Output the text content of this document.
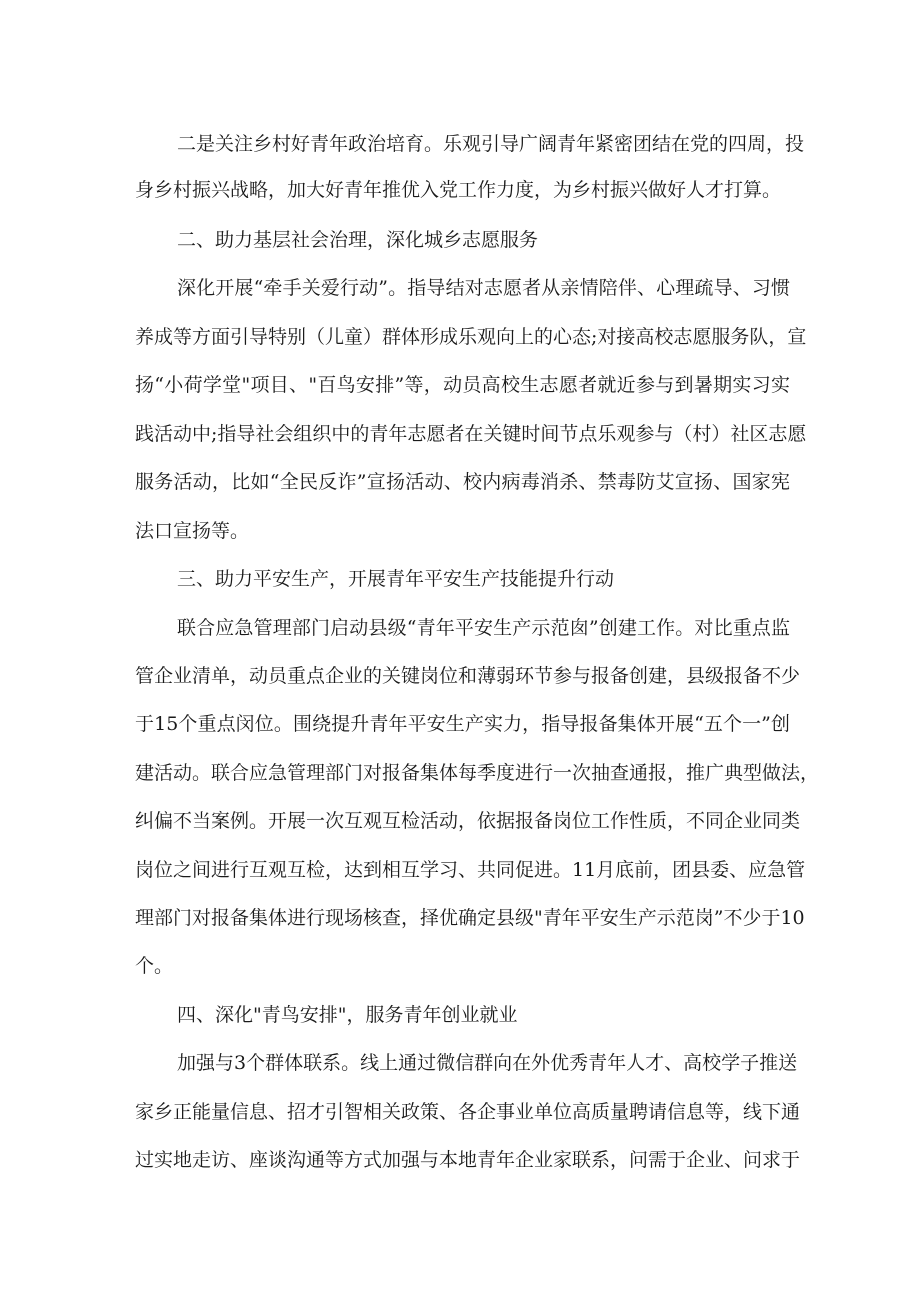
二是关注乡村好青年政治培育。乐观引导广阔青年紧密团结在党的四周，投
身乡村振兴战略，加大好青年推优入党工作力度，为乡村振兴做好人才打算。
二、助力基层社会治理，深化城乡志愿服务
深化开展“牵手关爱行动”。指导结对志愿者从亲情陪伴、心理疏导、习惯
养成等方面引导特别（儿童）群体形成乐观向上的心态;对接高校志愿服务队，宣
扬“小荷学堂"项目、"百鸟安排”等，动员高校生志愿者就近参与到暑期实习实
践活动中;指导社会组织中的青年志愿者在关键时间节点乐观参与（村）社区志愿
服务活动，比如“全民反诈”宣扬活动、校内病毒消杀、禁毒防艾宣扬、国家宪
法口宣扬等。
三、助力平安生产，开展青年平安生产技能提升行动
联合应急管理部门启动县级“青年平安生产示范囱”创建工作。对比重点监
管企业清单，动员重点企业的关键岗位和薄弱环节参与报备创建，县级报备不少
于15个重点闵位。围绕提升青年平安生产实力，指导报备集体开展“五个一”创
建活动。联合应急管理部门对报备集体每季度进行一次抽查通报，推广典型做法，
纠偏不当案例。开展一次互观互检活动，依据报备岗位工作性质，不同企业同类
岗位之间进行互观互检，达到相互学习、共同促进。11月底前，团县委、应急管
理部门对报备集体进行现场核查，择优确定县级"青年平安生产示范岗”不少于10
个。
四、深化"青鸟安排"，服务青年创业就业
加强与3个群体联系。线上通过微信群向在外优秀青年人才、高校学子推送
家乡正能量信息、招才引智相关政策、各企事业单位高质量聘请信息等，线下通
过实地走访、座谈沟通等方式加强与本地青年企业家联系，问需于企业、问求于
